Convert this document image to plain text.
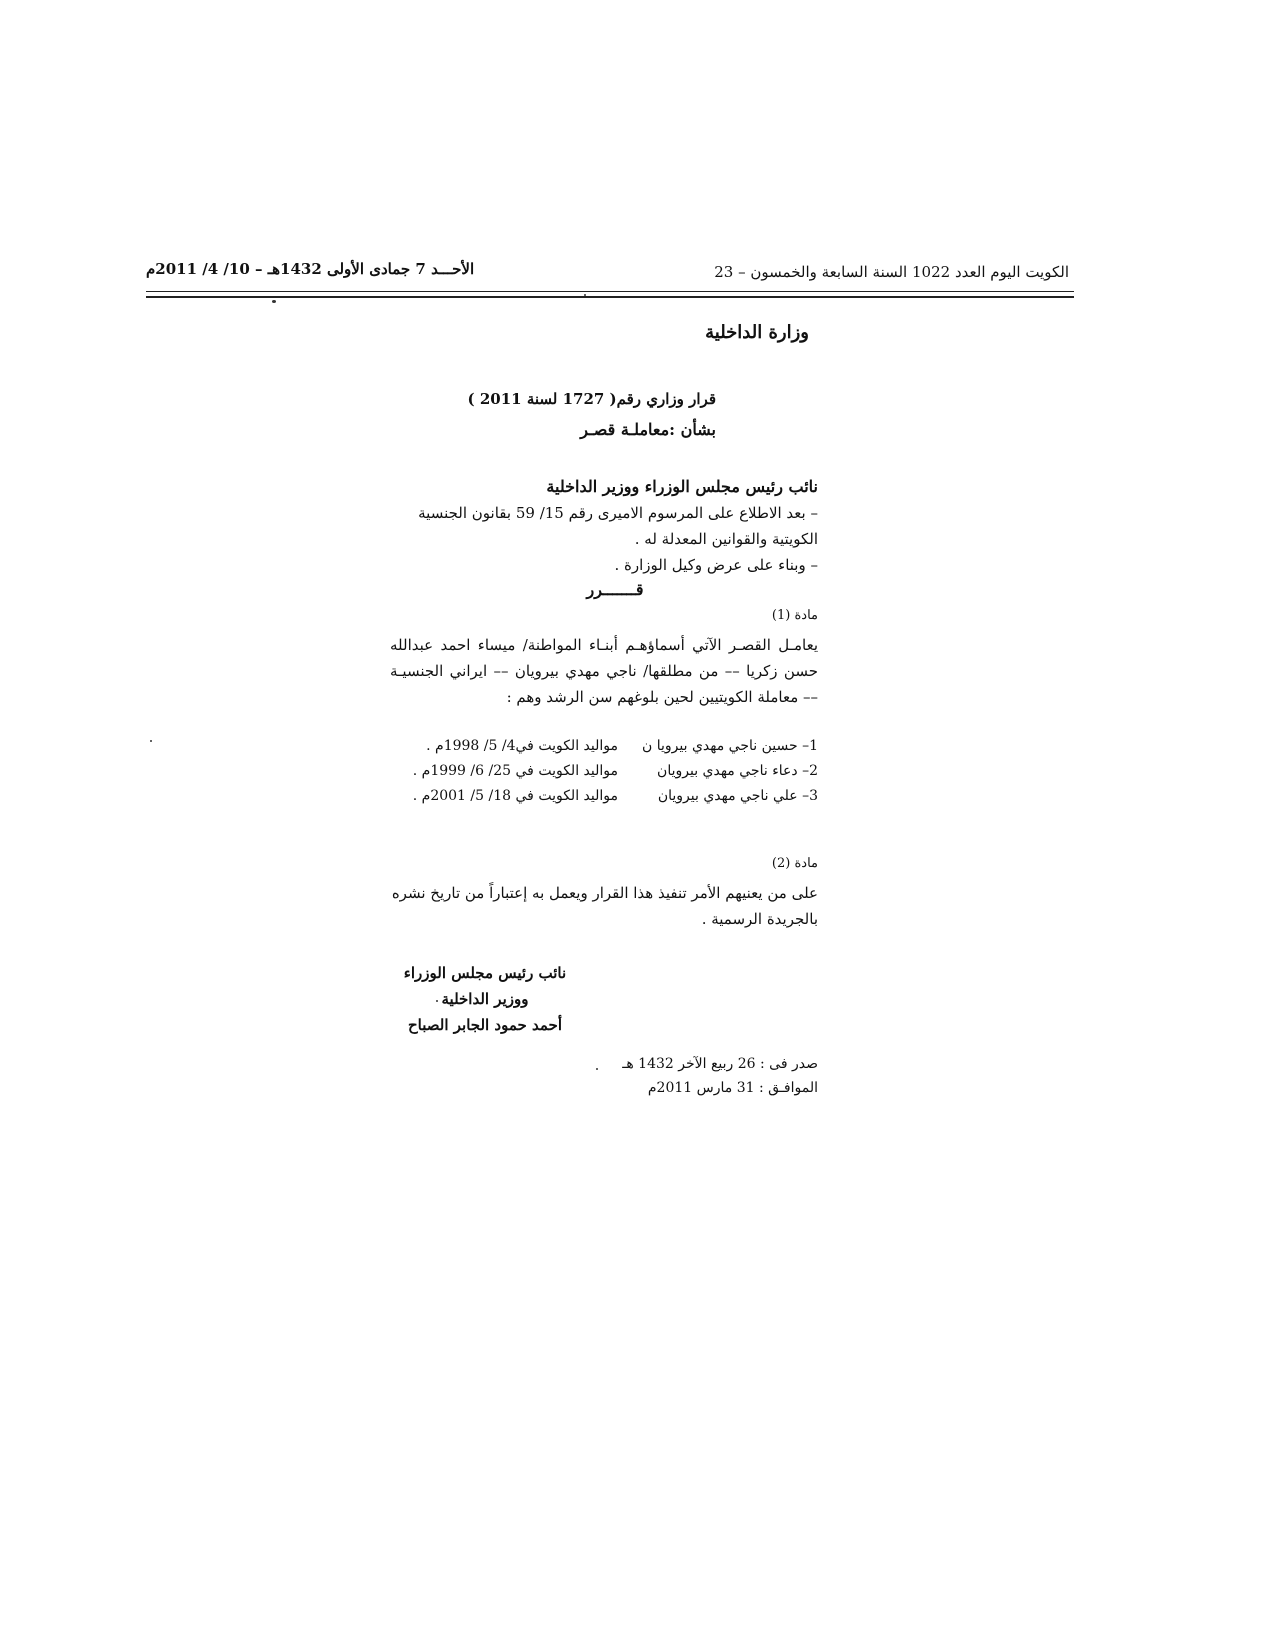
الكويت اليوم العدد 1022 السنة السابعة والخمسون – 23
الأحـــد 7 جمادى الأولى 1432هـ – 10/ 4/ 2011م
وزارة الداخلية
قرار وزاري رقم( 1727 لسنة 2011 )
بشأن :معاملـة قصـر
نائب رئيس مجلس الوزراء ووزير الداخلية

– بعد الاطلاع على المرسوم الاميرى رقم 15/ 59 بقانون الجنسية الكويتية والقوانين المعدلة له .

– وبناء على عرض وكيل الوزارة .

قـــــــرر
مادة (1)
يعامـل القصـر الآتي أسماؤهـم أبنـاء المواطنة/ ميساء احمد عبدالله حسن زكريا –– من مطلقها/ ناجي مهدي بيرويان –– ايراني الجنسيـة –– معاملة الكويتيين لحين بلوغهم سن الرشد وهم :
1– حسين ناجي مهدي بيرويا ن
مواليد الكويت في4/ 5/ 1998م .
2– دعاء ناجي مهدي بيرويان
مواليد الكويت في 25/ 6/ 1999م .
3– علي ناجي مهدي بيرويان
مواليد الكويت في 18/ 5/ 2001م .
مادة (2)
على من يعنيهم الأمر تنفيذ هذا القرار ويعمل به إعتباراً من تاريخ نشره بالجريدة الرسمية .
نائب رئيس مجلس الوزراء
ووزير الداخلية
أحمد حمود الجابر الصباح
صدر فى : 26 ربيع الآخر 1432 هـ
الموافـق : 31 مارس 2011م
